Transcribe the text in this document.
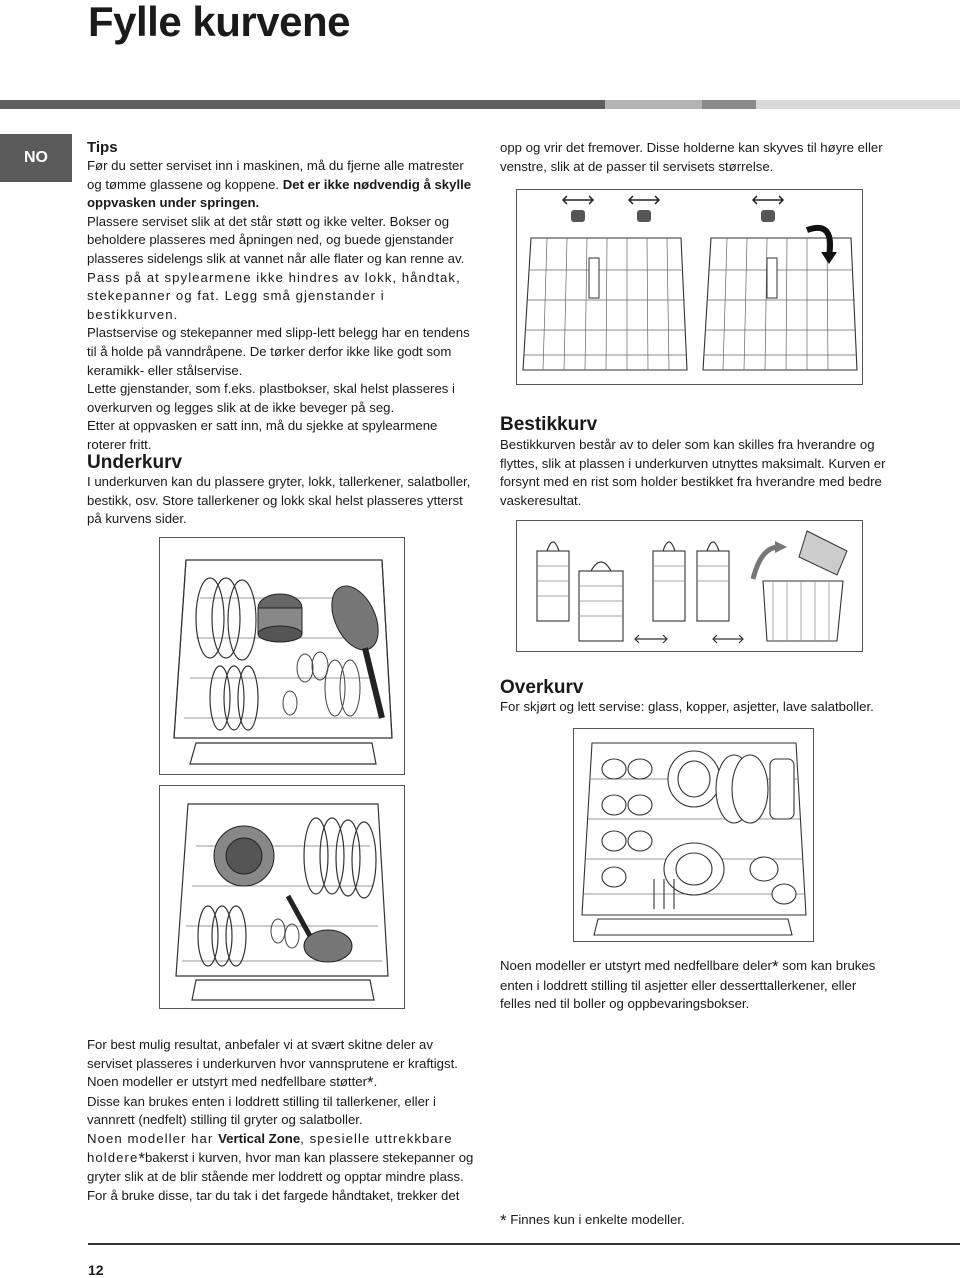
Fylle kurvene
NO

Tips

Før du setter serviset inn i maskinen, må du fjerne alle matrester og tømme glassene og koppene. Det er ikke nødvendig å skylle oppvasken under springen.

Plassere serviset slik at det står støtt og ikke velter. Bokser og beholdere plasseres med åpningen ned, og buede gjenstander plasseres sidelengs slik at vannet når alle flater og kan renne av.

Pass på at spylearmene ikke hindres av lokk, håndtak, stekepanner og fat. Legg små gjenstander i bestikkurven.

Plastservise og stekepanner med slipp-lett belegg har en tendens til å holde på vanndråpene. De tørker derfor ikke like godt som keramikk- eller stålservise.

Lette gjenstander, som f.eks. plastbokser, skal helst plasseres i overkurven og legges slik at de ikke beveger på seg.

Etter at oppvasken er satt inn, må du sjekke at spylearmene roterer fritt.

Underkurv
I underkurven kan du plassere gryter, lokk, tallerkener, salatboller, bestikk, osv. Store tallerkener og lokk skal helst plasseres ytterst på kurvens sider.

For best mulig resultat, anbefaler vi at svært skitne deler av serviset plasseres i underkurven hvor vannsprutene er kraftigst.

Noen modeller er utstyrt med nedfellbare støtter*.

Disse kan brukes enten i loddrett stilling til tallerkener, eller i vannrett (nedfelt) stilling til gryter og salatboller.

Noen modeller har Vertical Zone, spesielle uttrekkbare holdere*bakerst i kurven, hvor man kan plassere stekepanner og gryter slik at de blir stående mer loddrett og opptar mindre plass. For å bruke disse, tar du tak i det fargede håndtaket, trekker det

opp og vrir det fremover. Disse holderne kan skyves til høyre eller venstre, slik at de passer til servisets størrelse.
Bestikkurv
Bestikkurven består av to deler som kan skilles fra hverandre og flyttes, slik at plassen i underkurven utnyttes maksimalt. Kurven er forsynt med en rist som holder bestikket fra hverandre med bedre vaskeresultat.
Overkurv
For skjørt og lett servise: glass, kopper, asjetter, lave salatboller.

Noen modeller er utstyrt med nedfellbare deler* som kan brukes enten i loddrett stilling til asjetter eller desserttallerkener, eller felles ned til boller og oppbevaringsbokser.

* Finnes kun i enkelte modeller.
12
